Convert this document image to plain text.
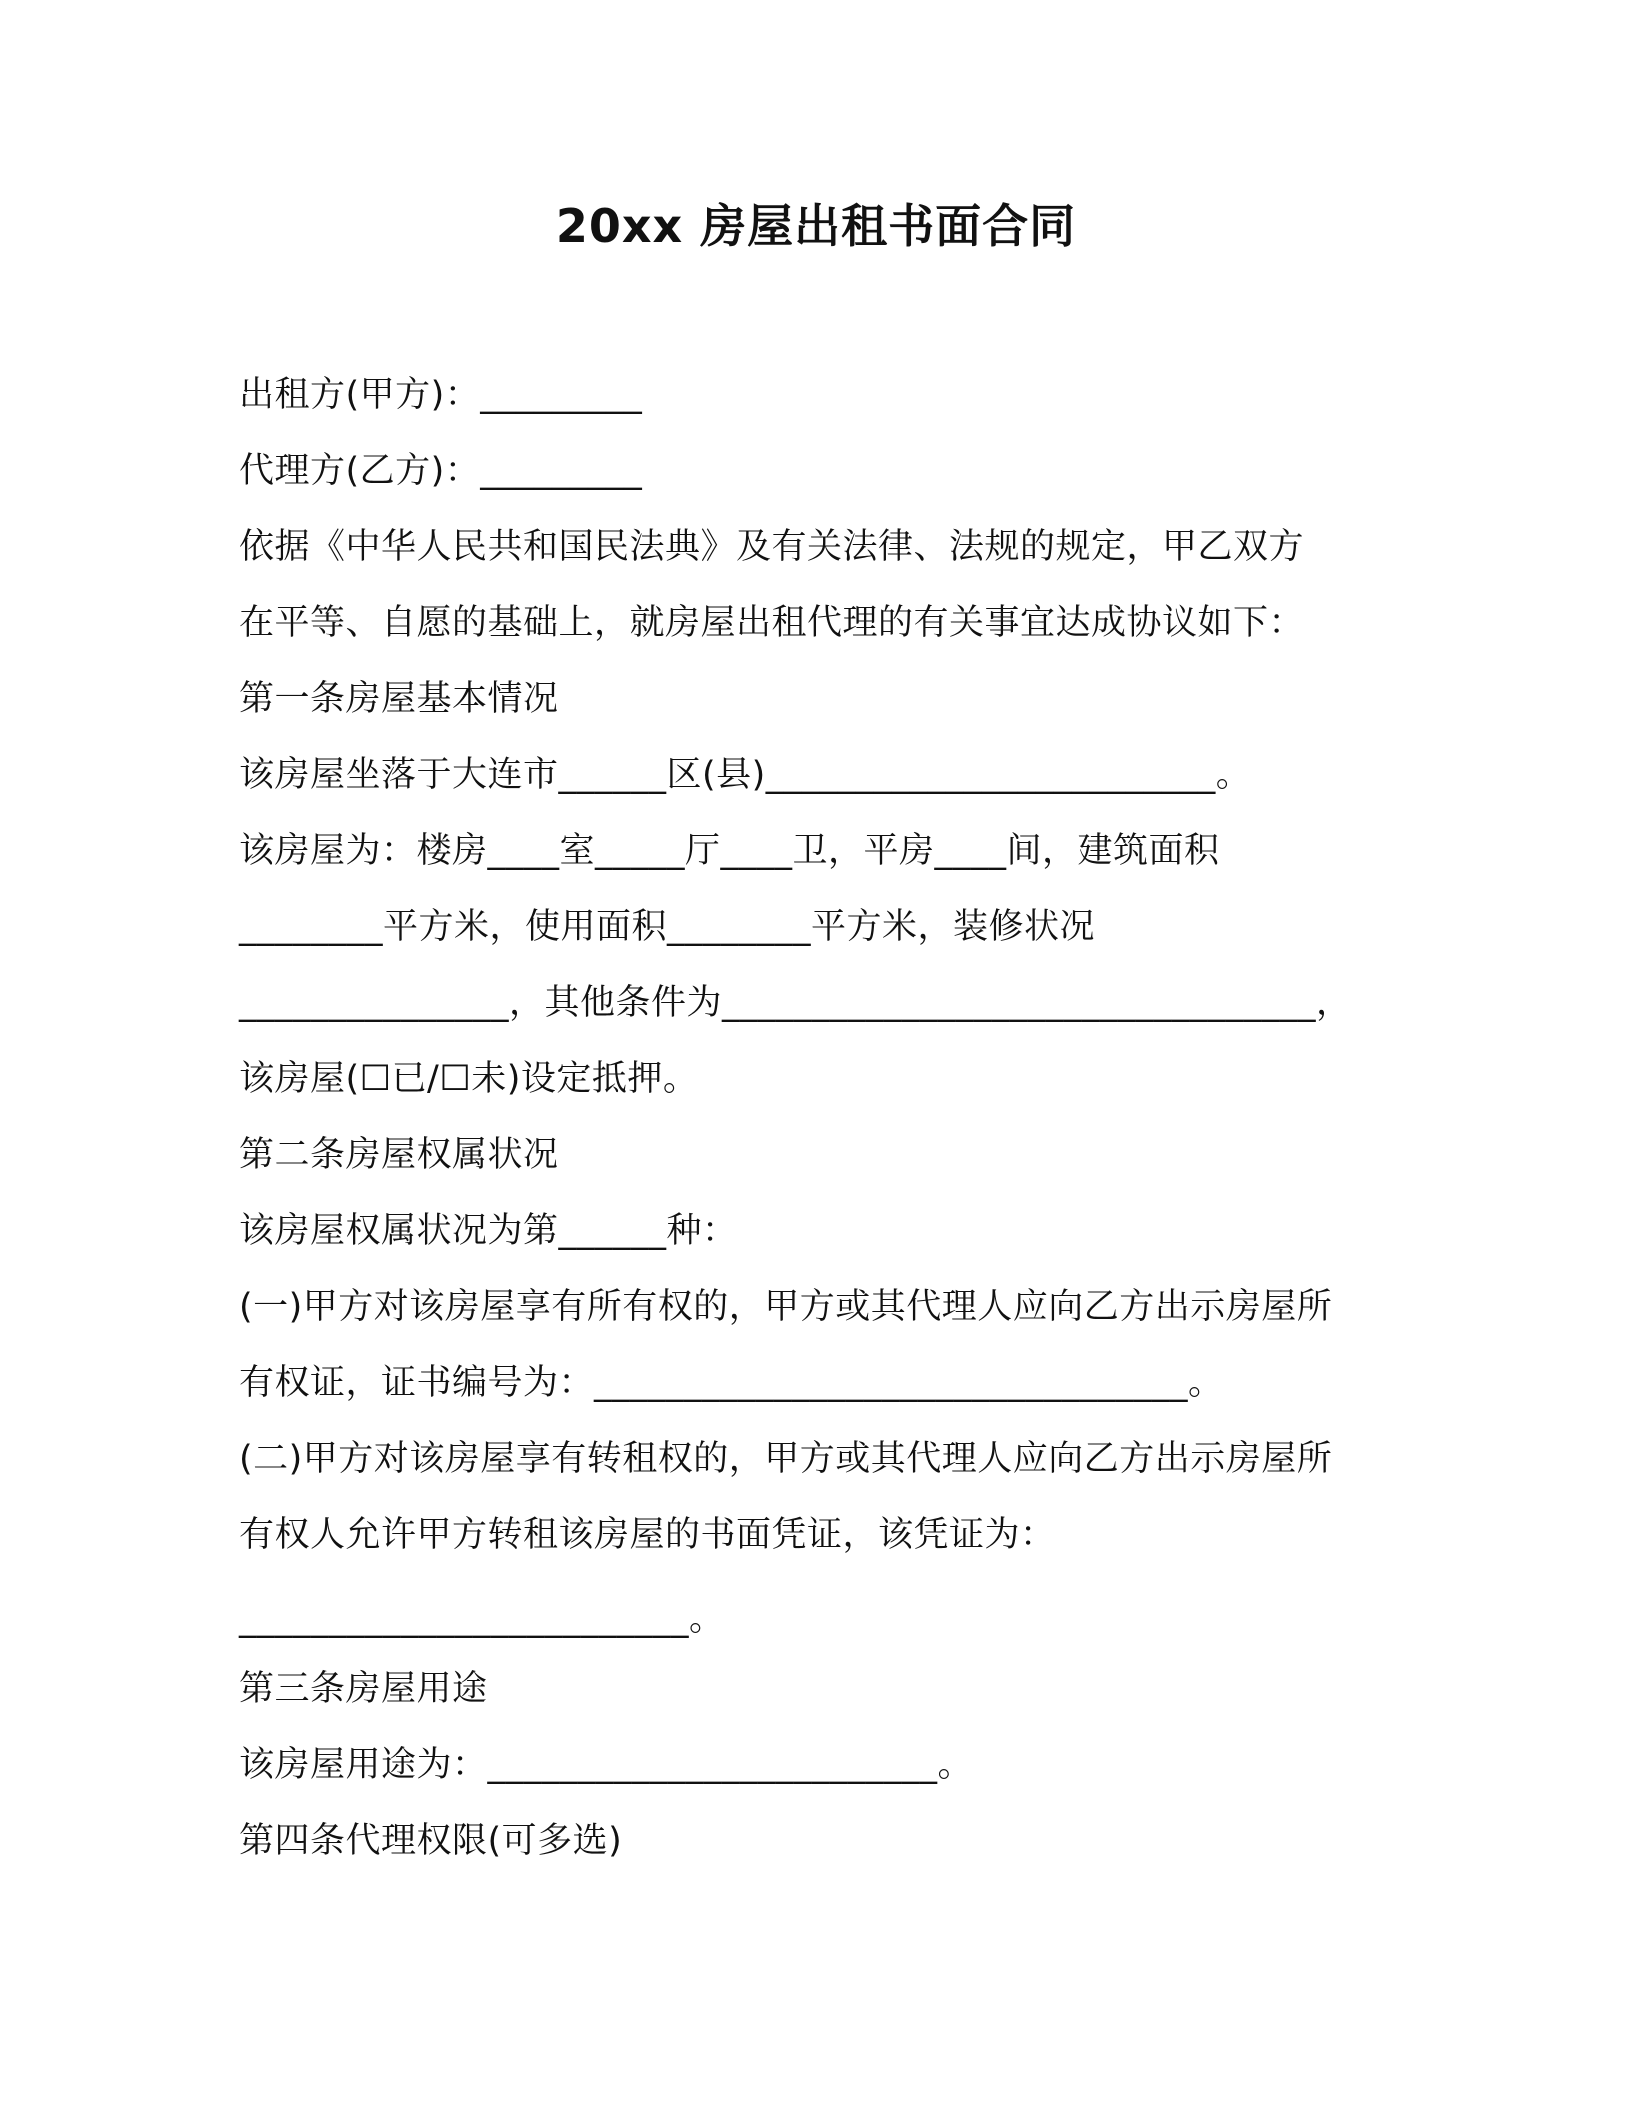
20xx 房屋出租书面合同
出租方(甲方)：_________
代理方(乙方)：_________
依据《中华人民共和国民法典》及有关法律、法规的规定，甲乙双方
在平等、自愿的基础上，就房屋出租代理的有关事宜达成协议如下：
第一条房屋基本情况
该房屋坐落于大连市______区(县)_________________________。
该房屋为：楼房____室_____厅____卫，平房____间，建筑面积
________平方米，使用面积________平方米，装修状况
_______________，其他条件为_________________________________，
该房屋(☐已/☐未)设定抵押。
第二条房屋权属状况
该房屋权属状况为第______种：
(一)甲方对该房屋享有所有权的，甲方或其代理人应向乙方出示房屋所
有权证，证书编号为：_________________________________。
(二)甲方对该房屋享有转租权的，甲方或其代理人应向乙方出示房屋所
有权人允许甲方转租该房屋的书面凭证，该凭证为：
_________________________。
第三条房屋用途
该房屋用途为：_________________________。
第四条代理权限(可多选)
